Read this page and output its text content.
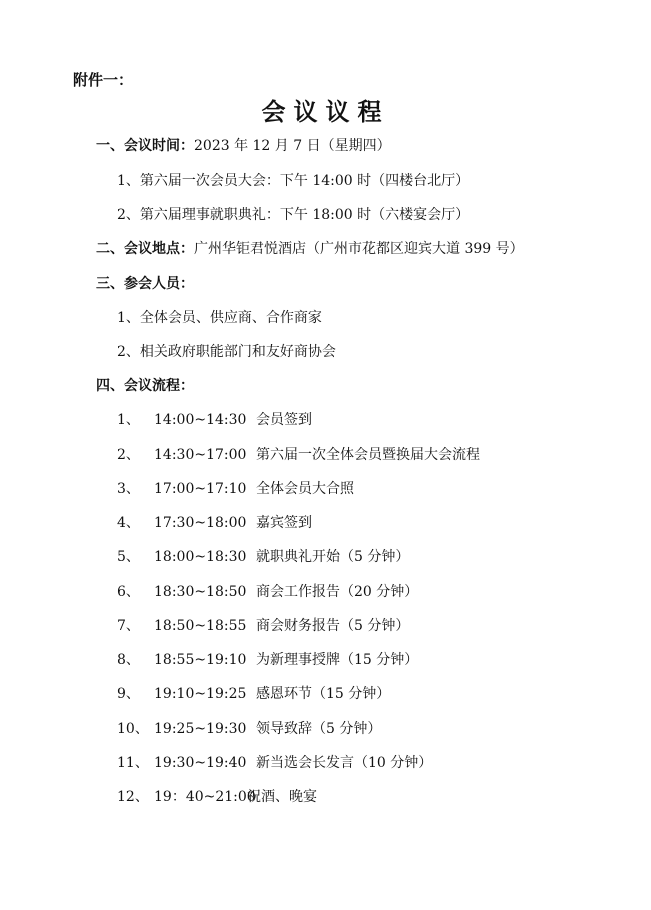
附件一：
会议议程
一、会议时间：2023 年 12 月 7 日（星期四）
1、第六届一次会员大会：下午 14:00 时（四楼台北厅）
2、第六届理事就职典礼：下午 18:00 时（六楼宴会厅）
二、会议地点：广州华钜君悦酒店（广州市花都区迎宾大道 399 号）
三、参会人员：
1、全体会员、供应商、合作商家
2、相关政府职能部门和友好商协会
四、会议流程：
1、 14:00~14:30 会员签到
2、 14:30~17:00 第六届一次全体会员暨换届大会流程
3、 17:00~17:10 全体会员大合照
4、 17:30~18:00 嘉宾签到
5、 18:00~18:30 就职典礼开始（5 分钟）
6、 18:30~18:50 商会工作报告（20 分钟）
7、 18:50~18:55 商会财务报告（5 分钟）
8、 18:55~19:10 为新理事授牌（15 分钟）
9、 19:10~19:25 感恩环节（15 分钟）
10、 19:25~19:30 领导致辞（5 分钟）
11、 19:30~19:40 新当选会长发言（10 分钟）
12、 19：40~21:00
祝酒、晚宴
